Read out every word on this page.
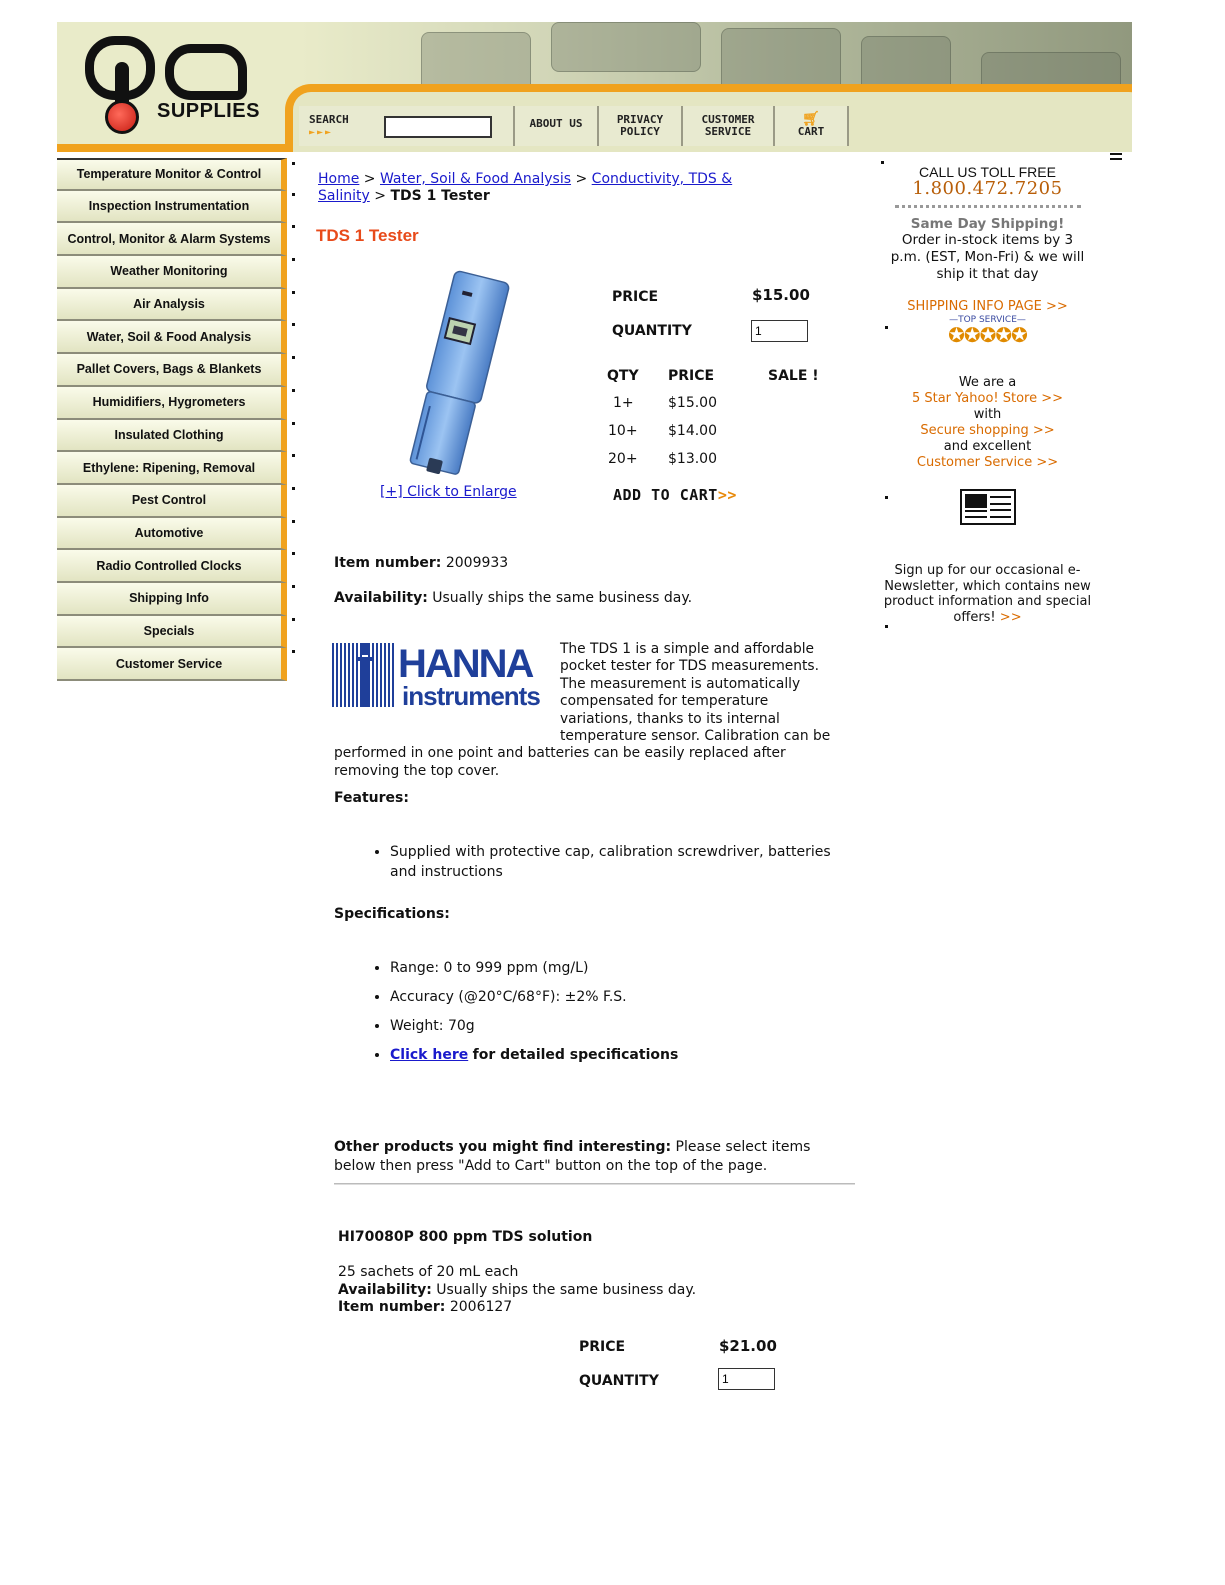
SUPPLIES	SEARCH
►►►
ABOUT US	PRIVACY POLICY
CUSTOMER SERVICE
🛒︎
CART
Temperature Monitor & Control
Inspection Instrumentation
Control, Monitor & Alarm Systems
Weather Monitoring
Air Analysis
Water, Soil & Food Analysis
Pallet Covers, Bags & Blankets
Humidifiers, Hygrometers
Insulated Clothing
Ethylene: Ripening, Removal
Pest Control
Automotive
Radio Controlled Clocks
Shipping Info
Specials
Customer Service
Home > Water, Soil & Food Analysis > Conductivity, TDS & Salinity > TDS 1 Tester
TDS 1 Tester
[+] Click to Enlarge
PRICE	$15.00
QUANTITY
1
QTY	PRICE	SALE !
1+	$15.00	
10+	$14.00	
20+	$13.00	
ADD TO CART>>
Item number: 2009933
Availability: Usually ships the same business day.
The TDS 1 is a simple and affordable pocket tester for TDS measurements. The measurement is automatically compensated for temperature variations, thanks to its internal temperature sensor. Calibration can be performed in one point and batteries can be easily replaced after removing the top cover.
HANNA
instruments
Features:
• Supplied with protective cap, calibration screwdriver, batteries and instructions
Specifications:
• Range: 0 to 999 ppm (mg/L)
• Accuracy (@20°C/68°F): ±2% F.S.
• Weight: 70g
• Click here for detailed specifications
Other products you might find interesting: Please select items below then press "Add to Cart" button on the top of the page.
HI70080P 800 ppm TDS solution
25 sachets of 20 mL each
Availability: Usually ships the same business day.
Item number: 2006127
PRICE	$21.00
QUANTITY
1
CALL US TOLL FREE
1.800.472.7205
Same Day Shipping!
Order in-stock items by 3 p.m. (EST, Mon-Fri) & we will ship it that day
SHIPPING INFO PAGE >>
—TOP SERVICE—
✪✪✪✪✪
We are a
5 Star Yahoo! Store >>
with
Secure shopping >>
and excellent
Customer Service >>
Sign up for our occasional e-Newsletter, which contains new product information and special offers! >>
